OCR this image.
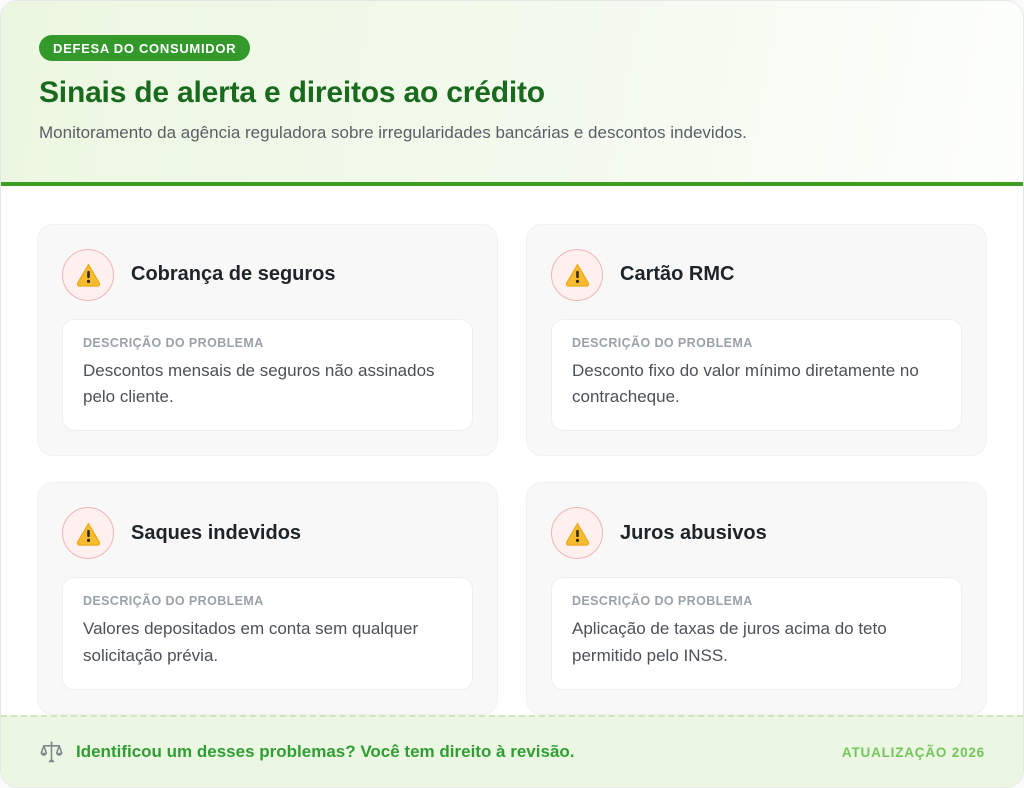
DEFESA DO CONSUMIDOR
Sinais de alerta e direitos ao crédito

Monitoramento da agência reguladora sobre irregularidades bancárias e descontos indevidos.

Cobrança de seguros
DESCRIÇÃO DO PROBLEMA

Descontos mensais de seguros não assinados pelo cliente.

Cartão RMC
DESCRIÇÃO DO PROBLEMA

Desconto fixo do valor mínimo diretamente no contracheque.

Saques indevidos
DESCRIÇÃO DO PROBLEMA

Valores depositados em conta sem qualquer solicitação prévia.

Juros abusivos
DESCRIÇÃO DO PROBLEMA

Aplicação de taxas de juros acima do teto permitido pelo INSS.

Identificou um desses problemas? Você tem direito à revisão.	ATUALIZAÇÃO 2026
